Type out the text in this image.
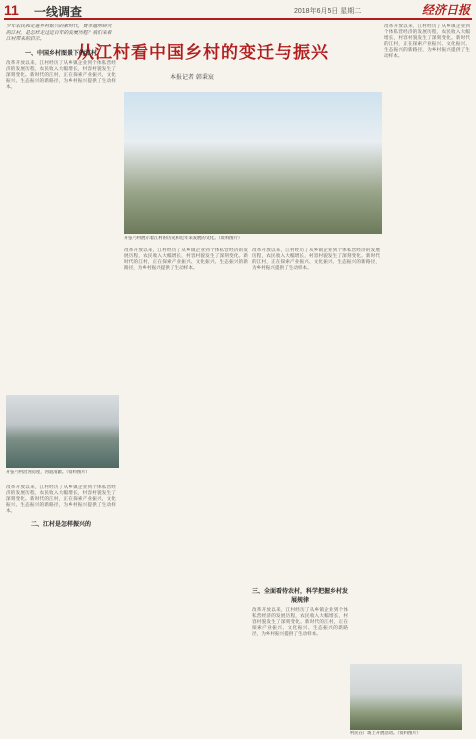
11 一线调查	2018年6月5日 星期二	经济日报
从江村看中国乡村的变迁与振兴
本报记者 韩秉宸

少年农民和走进乡村振兴的新时代，费孝通所研究的江村，是怎样走过近百年的发展历程？我们来看江村带来的启示。

一、中国乡村图景下的江村

改革开放以来，江村经历了从乡镇企业到个体私营经济的发展历程，农民收入大幅增长，村容村貌发生了深刻变化。新时代的江村，正在探索产业振兴、文化振兴、生态振兴的新路径，为乡村振兴提供了生动样本。

开弦弓村沿河房屋，河道清澈。（资料图片）

改革开放以来，江村经历了从乡镇企业到个体私营经济的发展历程，农民收入大幅增长，村容村貌发生了深刻变化。新时代的江村，正在探索产业振兴、文化振兴、生态振兴的新路径，为乡村振兴提供了生动样本。

二、江村是怎样振兴的
开弦弓村展示着江村的历史和近年来发展的文化。（资料图片）

改革开放以来，江村经历了从乡镇企业到个体私营经济的发展历程，农民收入大幅增长，村容村貌发生了深刻变化。新时代的江村，正在探索产业振兴、文化振兴、生态振兴的新路径，为乡村振兴提供了生动样本。

改革开放以来，江村经历了从乡镇企业到个体私营经济的发展历程，农民收入大幅增长，村容村貌发生了深刻变化。新时代的江村，正在探索产业振兴、文化振兴、生态振兴的新路径，为乡村振兴提供了生动样本。

改革开放以来，江村经历了从乡镇企业到个体私营经济的发展历程，农民收入大幅增长，村容村貌发生了深刻变化。新时代的江村，正在探索产业振兴、文化振兴、生态振兴的新路径，为乡村振兴提供了生动样本。

三、全面看待农村，科学把握乡村发展规律

改革开放以来，江村经历了从乡镇企业到个体私营经济的发展历程，农民收入大幅增长，村容村貌发生了深刻变化。新时代的江村，正在探索产业振兴、文化振兴、生态振兴的新路径，为乡村振兴提供了生动样本。

村民在广场上开展活动。（资料图片）
